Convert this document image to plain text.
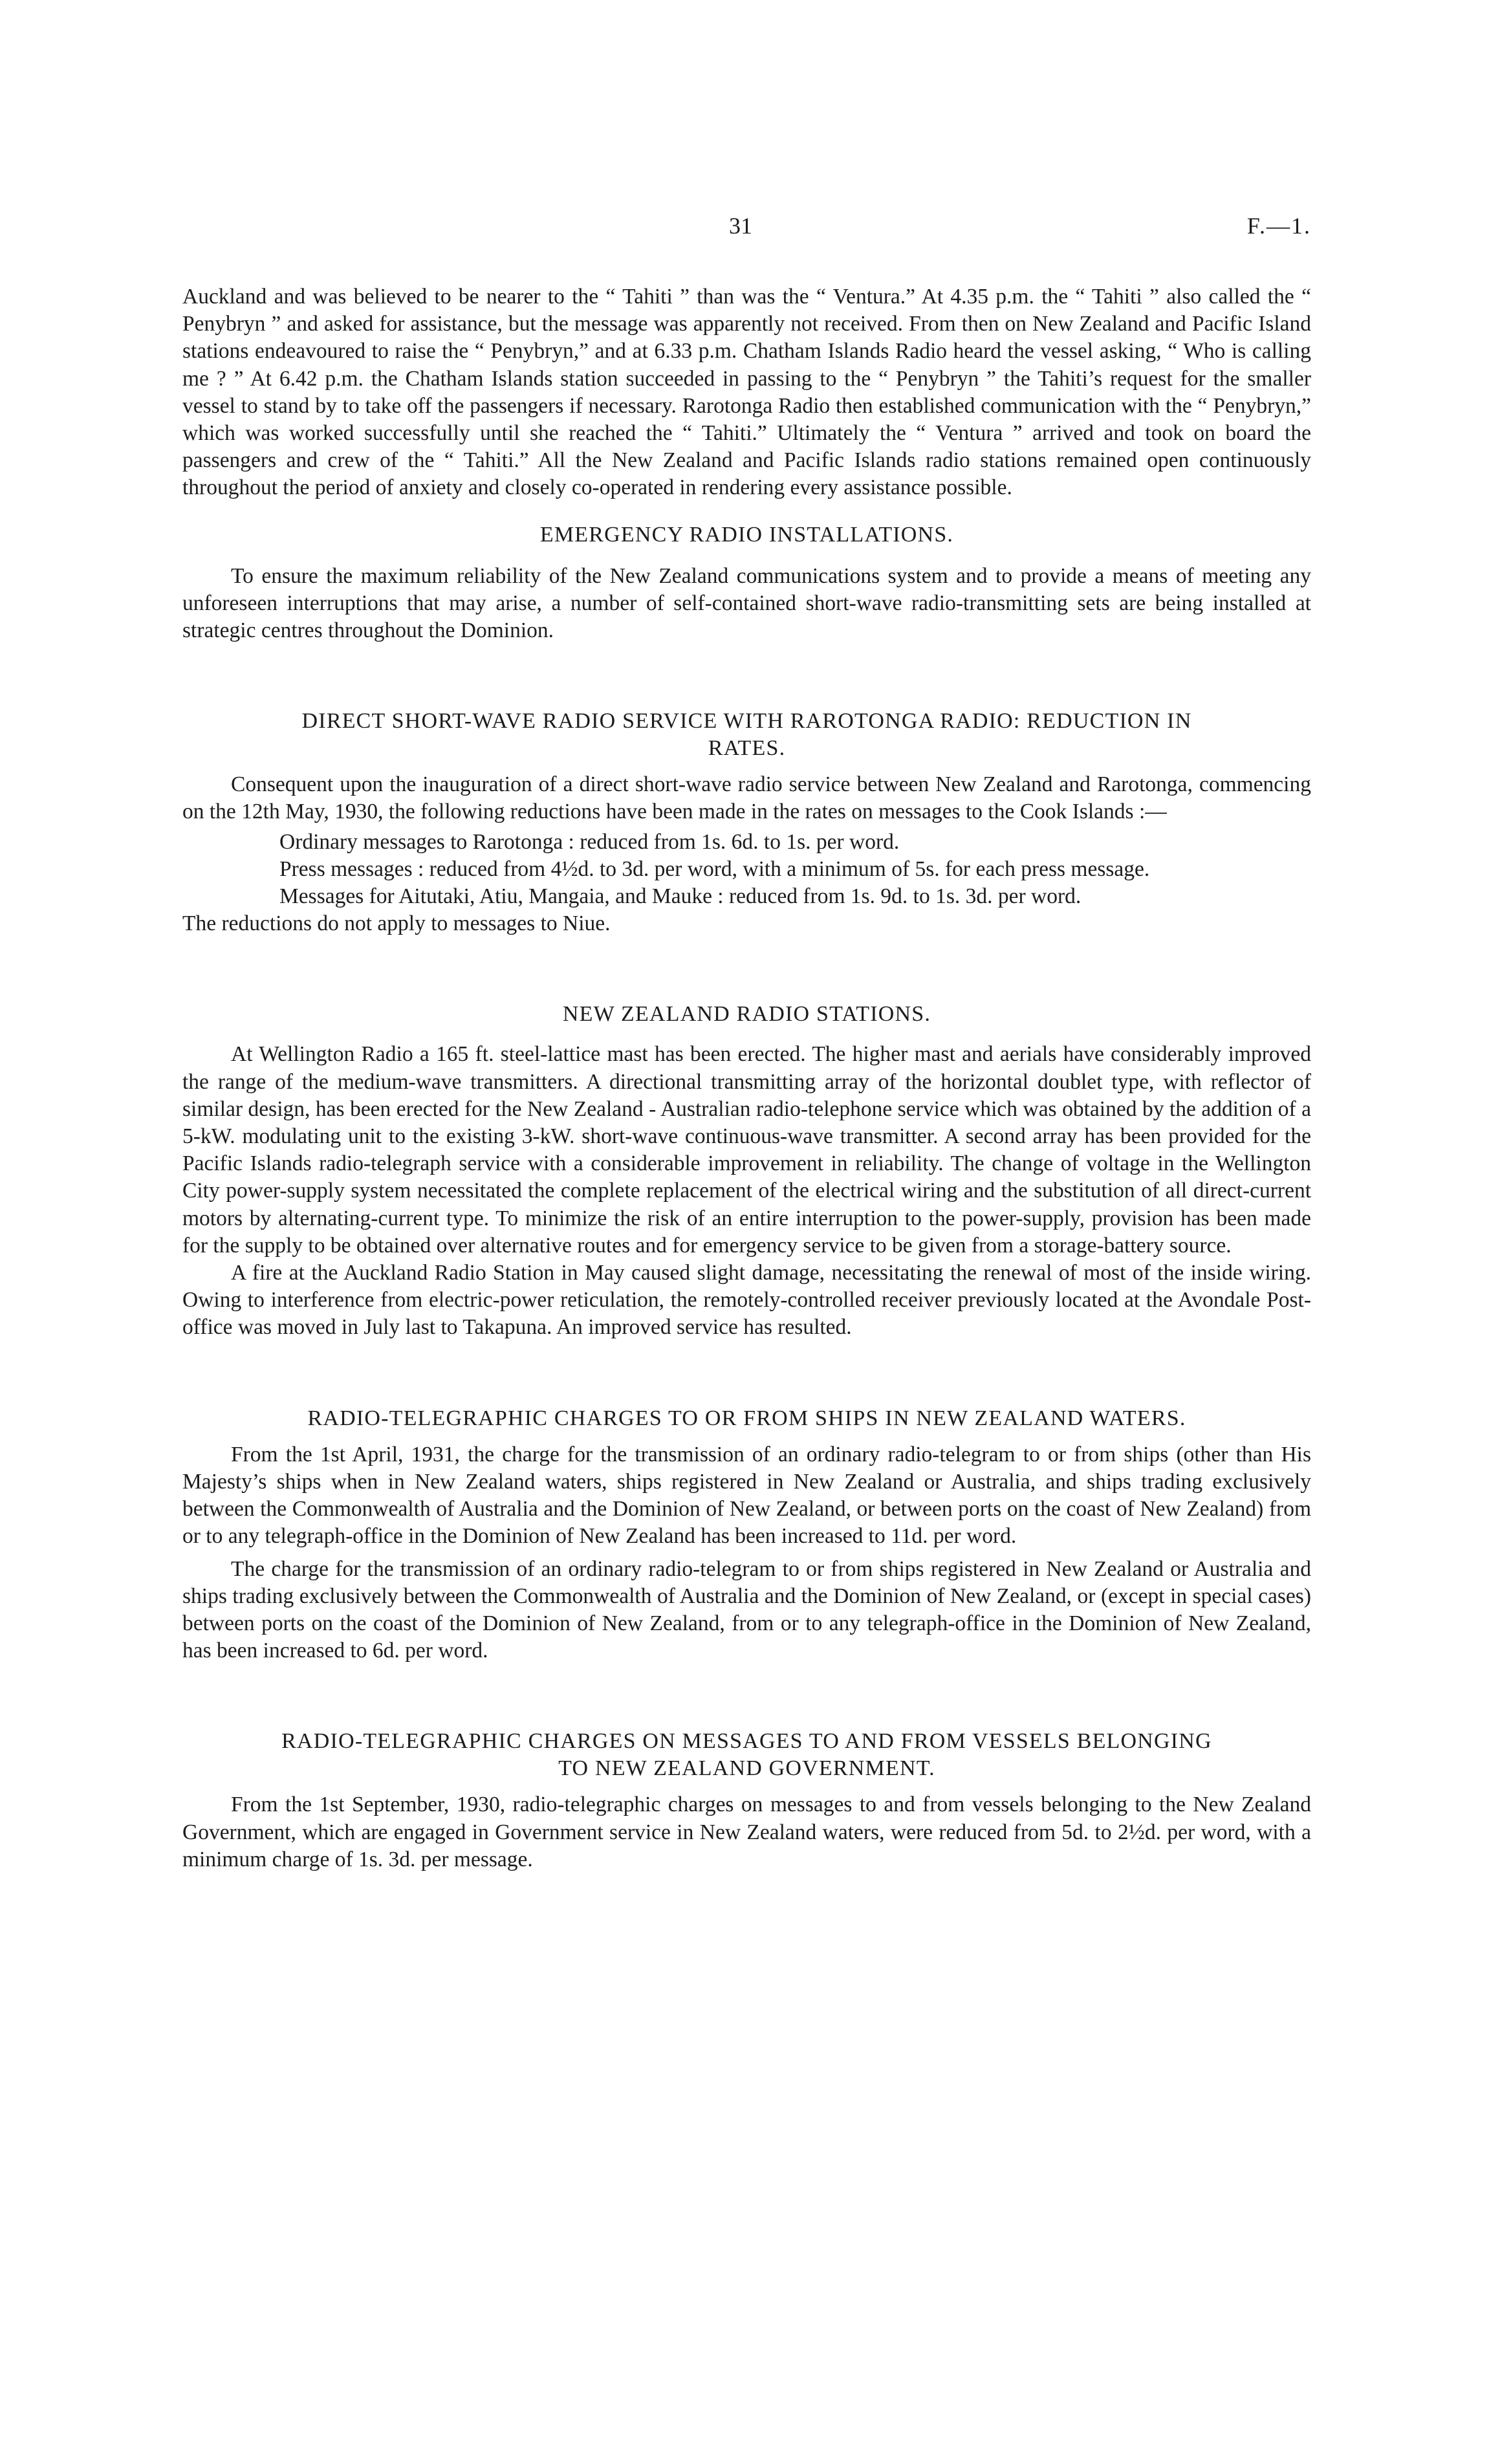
31	F.—1.

Auckland and was believed to be nearer to the “ Tahiti ” than was the “ Ventura.” At 4.35 p.m. the “ Tahiti ” also called the “ Penybryn ” and asked for assistance, but the message was apparently not received. From then on New Zealand and Pacific Island stations endeavoured to raise the “ Penybryn,” and at 6.33 p.m. Chatham Islands Radio heard the vessel asking, “ Who is calling me ? ” At 6.42 p.m. the Chatham Islands station succeeded in passing to the “ Penybryn ” the Tahiti’s request for the smaller vessel to stand by to take off the passengers if necessary. Rarotonga Radio then established communication with the “ Penybryn,” which was worked successfully until she reached the “ Tahiti.” Ultimately the “ Ventura ” arrived and took on board the passengers and crew of the “ Tahiti.” All the New Zealand and Pacific Islands radio stations remained open continuously throughout the period of anxiety and closely co-operated in rendering every assistance possible.

EMERGENCY RADIO INSTALLATIONS.

To ensure the maximum reliability of the New Zealand communications system and to provide a means of meeting any unforeseen interruptions that may arise, a number of self-contained short-wave radio-transmitting sets are being installed at strategic centres throughout the Dominion.

DIRECT SHORT-WAVE RADIO SERVICE WITH RAROTONGA RADIO: REDUCTION IN
RATES.

Consequent upon the inauguration of a direct short-wave radio service between New Zealand and Rarotonga, commencing on the 12th May, 1930, the following reductions have been made in the rates on messages to the Cook Islands :—

Ordinary messages to Rarotonga : reduced from 1s. 6d. to 1s. per word.

Press messages : reduced from 4½d. to 3d. per word, with a minimum of 5s. for each press message.

Messages for Aitutaki, Atiu, Mangaia, and Mauke : reduced from 1s. 9d. to 1s. 3d. per word.

The reductions do not apply to messages to Niue.

NEW ZEALAND RADIO STATIONS.

At Wellington Radio a 165 ft. steel-lattice mast has been erected. The higher mast and aerials have considerably improved the range of the medium-wave transmitters. A directional transmitting array of the horizontal doublet type, with reflector of similar design, has been erected for the New Zealand - Australian radio-telephone service which was obtained by the addition of a 5-kW. modulating unit to the existing 3-kW. short-wave continuous-wave transmitter. A second array has been provided for the Pacific Islands radio-telegraph service with a considerable improvement in reliability. The change of voltage in the Wellington City power-supply system necessitated the complete replacement of the electrical wiring and the substitution of all direct-current motors by alternating-current type. To minimize the risk of an entire interruption to the power-supply, provision has been made for the supply to be obtained over alternative routes and for emergency service to be given from a storage-battery source.

A fire at the Auckland Radio Station in May caused slight damage, necessitating the renewal of most of the inside wiring. Owing to interference from electric-power reticulation, the remotely-controlled receiver previously located at the Avondale Post-office was moved in July last to Takapuna. An improved service has resulted.

RADIO-TELEGRAPHIC CHARGES TO OR FROM SHIPS IN NEW ZEALAND WATERS.

From the 1st April, 1931, the charge for the transmission of an ordinary radio-telegram to or from ships (other than His Majesty’s ships when in New Zealand waters, ships registered in New Zealand or Australia, and ships trading exclusively between the Commonwealth of Australia and the Dominion of New Zealand, or between ports on the coast of New Zealand) from or to any telegraph-office in the Dominion of New Zealand has been increased to 11d. per word.

The charge for the transmission of an ordinary radio-telegram to or from ships registered in New Zealand or Australia and ships trading exclusively between the Commonwealth of Australia and the Dominion of New Zealand, or (except in special cases) between ports on the coast of the Dominion of New Zealand, from or to any telegraph-office in the Dominion of New Zealand, has been increased to 6d. per word.

RADIO-TELEGRAPHIC CHARGES ON MESSAGES TO AND FROM VESSELS BELONGING
TO NEW ZEALAND GOVERNMENT.

From the 1st September, 1930, radio-telegraphic charges on messages to and from vessels belonging to the New Zealand Government, which are engaged in Government service in New Zealand waters, were reduced from 5d. to 2½d. per word, with a minimum charge of 1s. 3d. per message.
